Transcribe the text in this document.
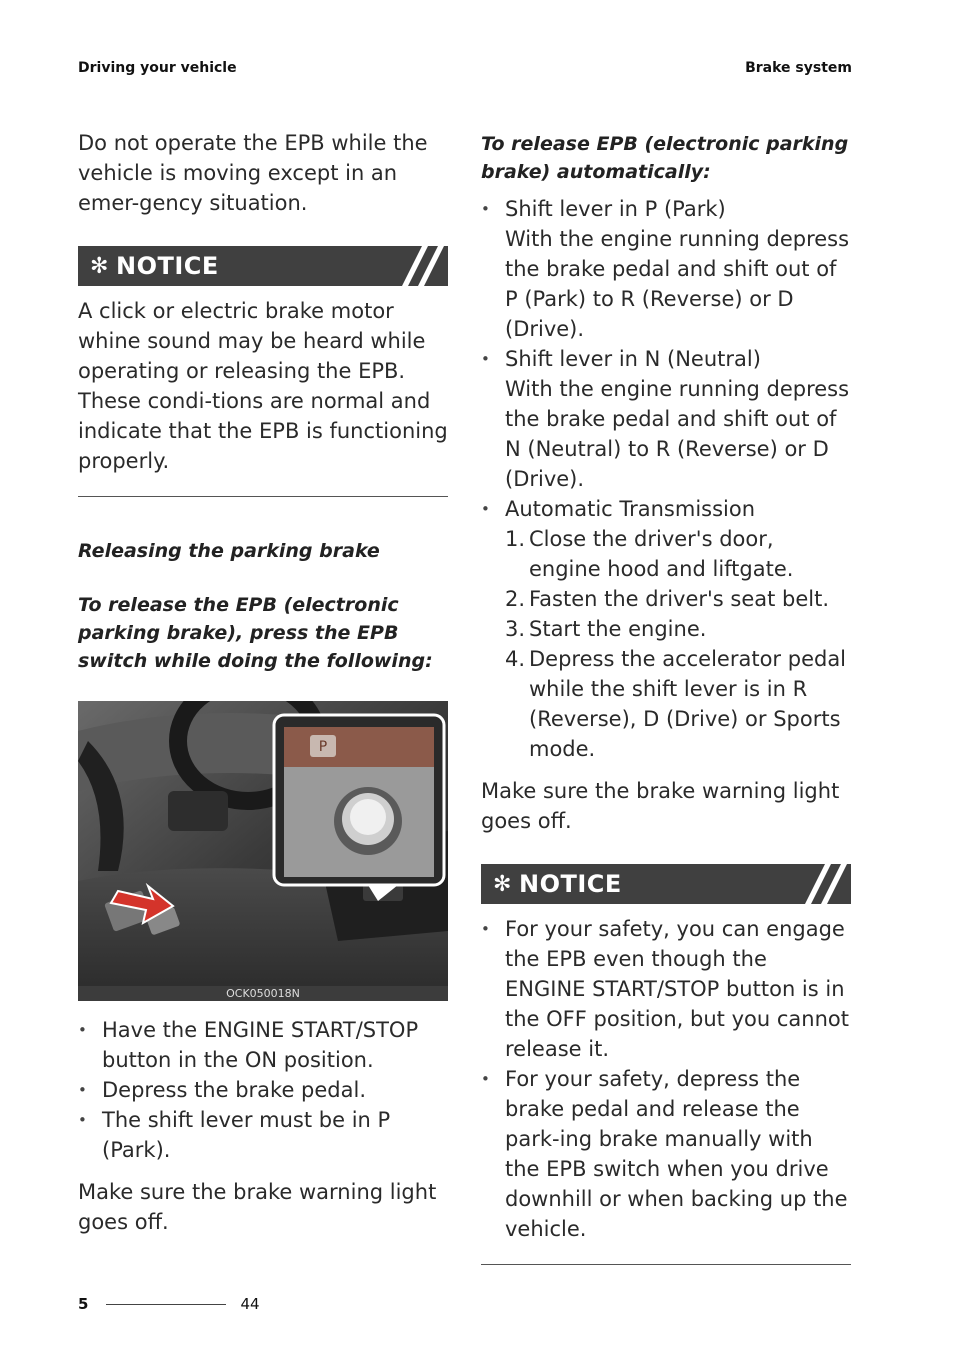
Driving your vehicle	Brake system

Do not operate the EPB while the vehicle is moving except in an emer-gency situation.

✻ NOTICE

A click or electric brake motor whine sound may be heard while operating or releasing the EPB. These condi-tions are normal and indicate that the EPB is functioning properly.

Releasing the parking brake
To release the EPB (electronic parking brake), press the EPB switch while doing the following:
P
OCK050018N
• Have the ENGINE START/STOP button in the ON position.
• Depress the brake pedal.
• The shift lever must be in P (Park).

Make sure the brake warning light goes off.

To release EPB (electronic parking brake) automatically:
• Shift lever in P (Park)
With the engine running depress the brake pedal and shift out of P (Park) to R (Reverse) or D (Drive).
• Shift lever in N (Neutral)
With the engine running depress the brake pedal and shift out of N (Neutral) to R (Reverse) or D (Drive).
• Automatic Transmission
1. Close the driver's door, engine hood and liftgate.
2. Fasten the driver's seat belt.
3. Start the engine.
4. Depress the accelerator pedal while the shift lever is in R (Reverse), D (Drive) or Sports mode.

Make sure the brake warning light goes off.

✻ NOTICE
• For your safety, you can engage the EPB even though the ENGINE START/STOP button is in the OFF position, but you cannot release it.
• For your safety, depress the brake pedal and release the park-ing brake manually with the EPB switch when you drive downhill or when backing up the vehicle.
5	44
